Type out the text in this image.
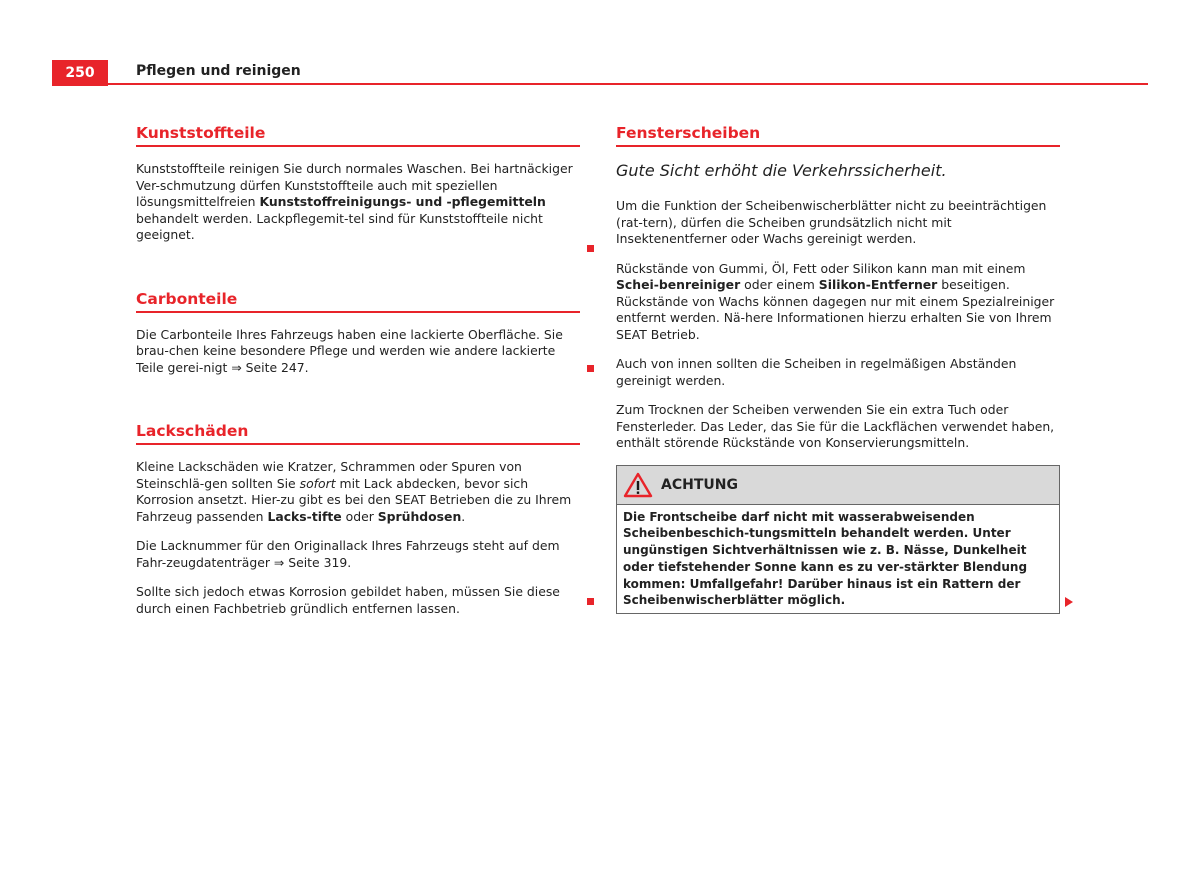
250	Pflegen und reinigen
Kunststoffteile

Kunststoffteile reinigen Sie durch normales Waschen. Bei hartnäckiger Ver-schmutzung dürfen Kunststoffteile auch mit speziellen lösungsmittelfreien Kunststoffreinigungs- und -pflegemitteln behandelt werden. Lackpflegemit-tel sind für Kunststoffteile nicht geeignet.

Carbonteile

Die Carbonteile Ihres Fahrzeugs haben eine lackierte Oberfläche. Sie brau-chen keine besondere Pflege und werden wie andere lackierte Teile gerei-nigt ⇒ Seite 247.

Lackschäden

Kleine Lackschäden wie Kratzer, Schrammen oder Spuren von Steinschlä-gen sollten Sie sofort mit Lack abdecken, bevor sich Korrosion ansetzt. Hier-zu gibt es bei den SEAT Betrieben die zu Ihrem Fahrzeug passenden Lacks-tifte oder Sprühdosen.

Die Lacknummer für den Originallack Ihres Fahrzeugs steht auf dem Fahr-zeugdatenträger ⇒ Seite 319.

Sollte sich jedoch etwas Korrosion gebildet haben, müssen Sie diese durch einen Fachbetrieb gründlich entfernen lassen.

Fensterscheiben
Gute Sicht erhöht die Verkehrssicherheit.

Um die Funktion der Scheibenwischerblätter nicht zu beeinträchtigen (rat-tern), dürfen die Scheiben grundsätzlich nicht mit Insektenentferner oder Wachs gereinigt werden.

Rückstände von Gummi, Öl, Fett oder Silikon kann man mit einem Schei-benreiniger oder einem Silikon-Entferner beseitigen. Rückstände von Wachs können dagegen nur mit einem Spezialreiniger entfernt werden. Nä-here Informationen hierzu erhalten Sie von Ihrem SEAT Betrieb.

Auch von innen sollten die Scheiben in regelmäßigen Abständen gereinigt werden.

Zum Trocknen der Scheiben verwenden Sie ein extra Tuch oder Fensterleder. Das Leder, das Sie für die Lackflächen verwendet haben, enthält störende Rückstände von Konservierungsmitteln.

ACHTUNG
Die Frontscheibe darf nicht mit wasserabweisenden Scheibenbeschich-tungsmitteln behandelt werden. Unter ungünstigen Sichtverhältnissen wie z. B. Nässe, Dunkelheit oder tiefstehender Sonne kann es zu ver-stärkter Blendung kommen: Umfallgefahr! Darüber hinaus ist ein Rattern der Scheibenwischerblätter möglich.
